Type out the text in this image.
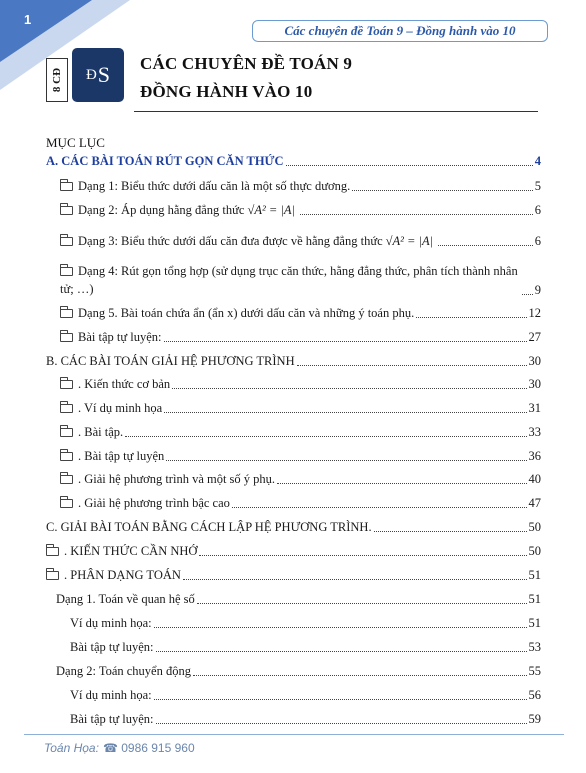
1
Các chuyên đề Toán 9 – Đồng hành vào 10
8 CĐ Đ S CÁC CHUYÊN ĐỀ TOÁN 9
ĐỒNG HÀNH VÀO 10
MỤC LỤC
A. CÁC BÀI TOÁN RÚT GỌN CĂN THỨC	4
Dạng 1: Biểu thức dưới dấu căn là một số thực dương.	5
Dạng 2: Áp dụng hằng đẳng thức √A² = |A|	6
Dạng 3: Biểu thức dưới dấu căn đưa được về hằng đẳng thức √A² = |A|	6
Dạng 4: Rút gọn tổng hợp (sử dụng trục căn thức, hằng đẳng thức, phân tích thành nhân tử; …)	9
Dạng 5. Bài toán chứa ẩn (ẩn x) dưới dấu căn và những ý toán phụ.	12
Bài tập tự luyện:	27
B. CÁC BÀI TOÁN GIẢI HỆ PHƯƠNG TRÌNH	30
. Kiến thức cơ bản	30
. Ví dụ minh họa	31
. Bài tập.	33
. Bài tập tự luyện	36
. Giải hệ phương trình và một số ý phụ.	40
. Giải hệ phương trình bậc cao	47
C. GIẢI BÀI TOÁN BẰNG CÁCH LẬP HỆ PHƯƠNG TRÌNH.	50
. KIẾN THỨC CẦN NHỚ	50
. PHÂN DẠNG TOÁN	51
Dạng 1. Toán về quan hệ số	51
Ví dụ minh họa:	51
Bài tập tự luyện:	53
Dạng 2: Toán chuyển động	55
Ví dụ minh họa:	56
Bài tập tự luyện:	59
Toán Họa: ☎ 0986 915 960
